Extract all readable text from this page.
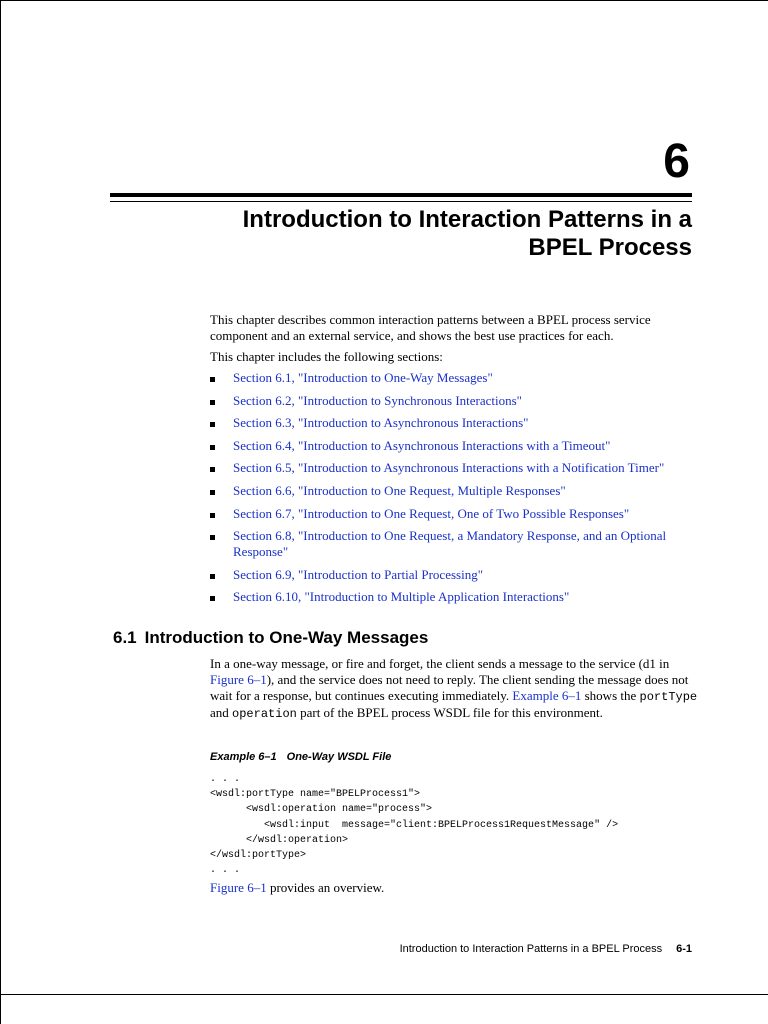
6
Introduction to Interaction Patterns in a
BPEL Process

This chapter describes common interaction patterns between a BPEL process service component and an external service, and shows the best use practices for each.

This chapter includes the following sections:

Section 6.1, "Introduction to One-Way Messages"
Section 6.2, "Introduction to Synchronous Interactions"
Section 6.3, "Introduction to Asynchronous Interactions"
Section 6.4, "Introduction to Asynchronous Interactions with a Timeout"
Section 6.5, "Introduction to Asynchronous Interactions with a Notification Timer"
Section 6.6, "Introduction to One Request, Multiple Responses"
Section 6.7, "Introduction to One Request, One of Two Possible Responses"
Section 6.8, "Introduction to One Request, a Mandatory Response, and an Optional Response"
Section 6.9, "Introduction to Partial Processing"
Section 6.10, "Introduction to Multiple Application Interactions"
6.1 Introduction to One-Way Messages

In a one-way message, or fire and forget, the client sends a message to the service (d1 in Figure 6–1), and the service does not need to reply. The client sending the message does not wait for a response, but continues executing immediately. Example 6–1 shows the portType and operation part of the BPEL process WSDL file for this environment.

Example 6–1 One-Way WSDL File

. . .
<wsdl:portType name="BPELProcess1">
<wsdl:operation name="process">
<wsdl:input  message="client:BPELProcess1RequestMessage" />
</wsdl:operation>
</wsdl:portType>
. . .

Figure 6–1 provides an overview.

Introduction to Interaction Patterns in a BPEL Process 6-1
